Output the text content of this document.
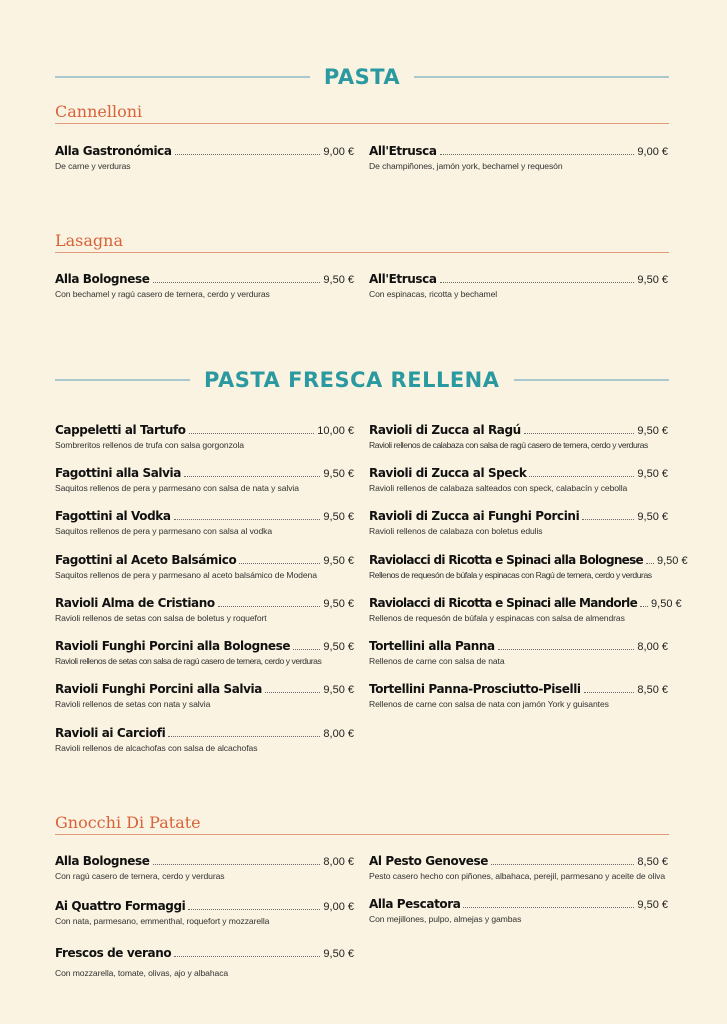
PASTA
Cannelloni
Alla Gastronómica	9,00 €
De carne y verduras
All'Etrusca	9,00 €
De champiñones, jamón york, bechamel y requesón
Lasagna
Alla Bolognese	9,50 €
Con bechamel y ragú casero de ternera, cerdo y verduras
All'Etrusca	9,50 €
Con espinacas, ricotta y bechamel
PASTA FRESCA RELLENA
Cappeletti al Tartufo	10,00 €
Sombreritos rellenos de trufa con salsa gorgonzola
Fagottini alla Salvia	9,50 €
Saquitos rellenos de pera y parmesano con salsa de nata y salvia
Fagottini al Vodka	9,50 €
Saquitos rellenos de pera y parmesano con salsa al vodka
Fagottini al Aceto Balsámico	9,50 €
Saquitos rellenos de pera y parmesano al aceto balsámico de Modena
Ravioli Alma de Cristiano	9,50 €
Ravioli rellenos de setas con salsa de boletus y roquefort
Ravioli Funghi Porcini alla Bolognese	9,50 €
Ravioli rellenos de setas con salsa de ragú casero de ternera, cerdo y verduras
Ravioli Funghi Porcini alla Salvia	9,50 €
Ravioli rellenos de setas con nata y salvia
Ravioli ai Carciofi	8,00 €
Ravioli rellenos de alcachofas con salsa de alcachofas
Ravioli di Zucca al Ragú	9,50 €
Ravioli rellenos de calabaza con salsa de ragú casero de ternera, cerdo y verduras
Ravioli di Zucca al Speck	9,50 €
Ravioli rellenos de calabaza salteados con speck, calabacín y cebolla
Ravioli di Zucca ai Funghi Porcini	9,50 €
Ravioli rellenos de calabaza con boletus edulis
Raviolacci di Ricotta e Spinaci alla Bolognese 9,50 €
Rellenos de requesón de búfala y espinacas con Ragú de ternera, cerdo y verduras
Raviolacci di Ricotta e Spinaci alle Mandorle 9,50 €
Rellenos de requesón de búfala y espinacas con salsa de almendras
Tortellini alla Panna	8,00 €
Rellenos de carne con salsa de nata
Tortellini Panna-Prosciutto-Piselli	8,50 €
Rellenos de carne con salsa de nata con jamón York y guisantes
Gnocchi Di Patate
Alla Bolognese	8,00 €
Con ragú casero de ternera, cerdo y verduras
Ai Quattro Formaggi	9,00 €
Con nata, parmesano, emmenthal, roquefort y mozzarella
Frescos de verano	9,50 €
Con mozzarella, tomate, olivas, ajo y albahaca
Al Pesto Genovese	8,50 €
Pesto casero hecho con piñones, albahaca, perejil, parmesano y aceite de oliva
Alla Pescatora	9,50 €
Con mejillones, pulpo, almejas y gambas
